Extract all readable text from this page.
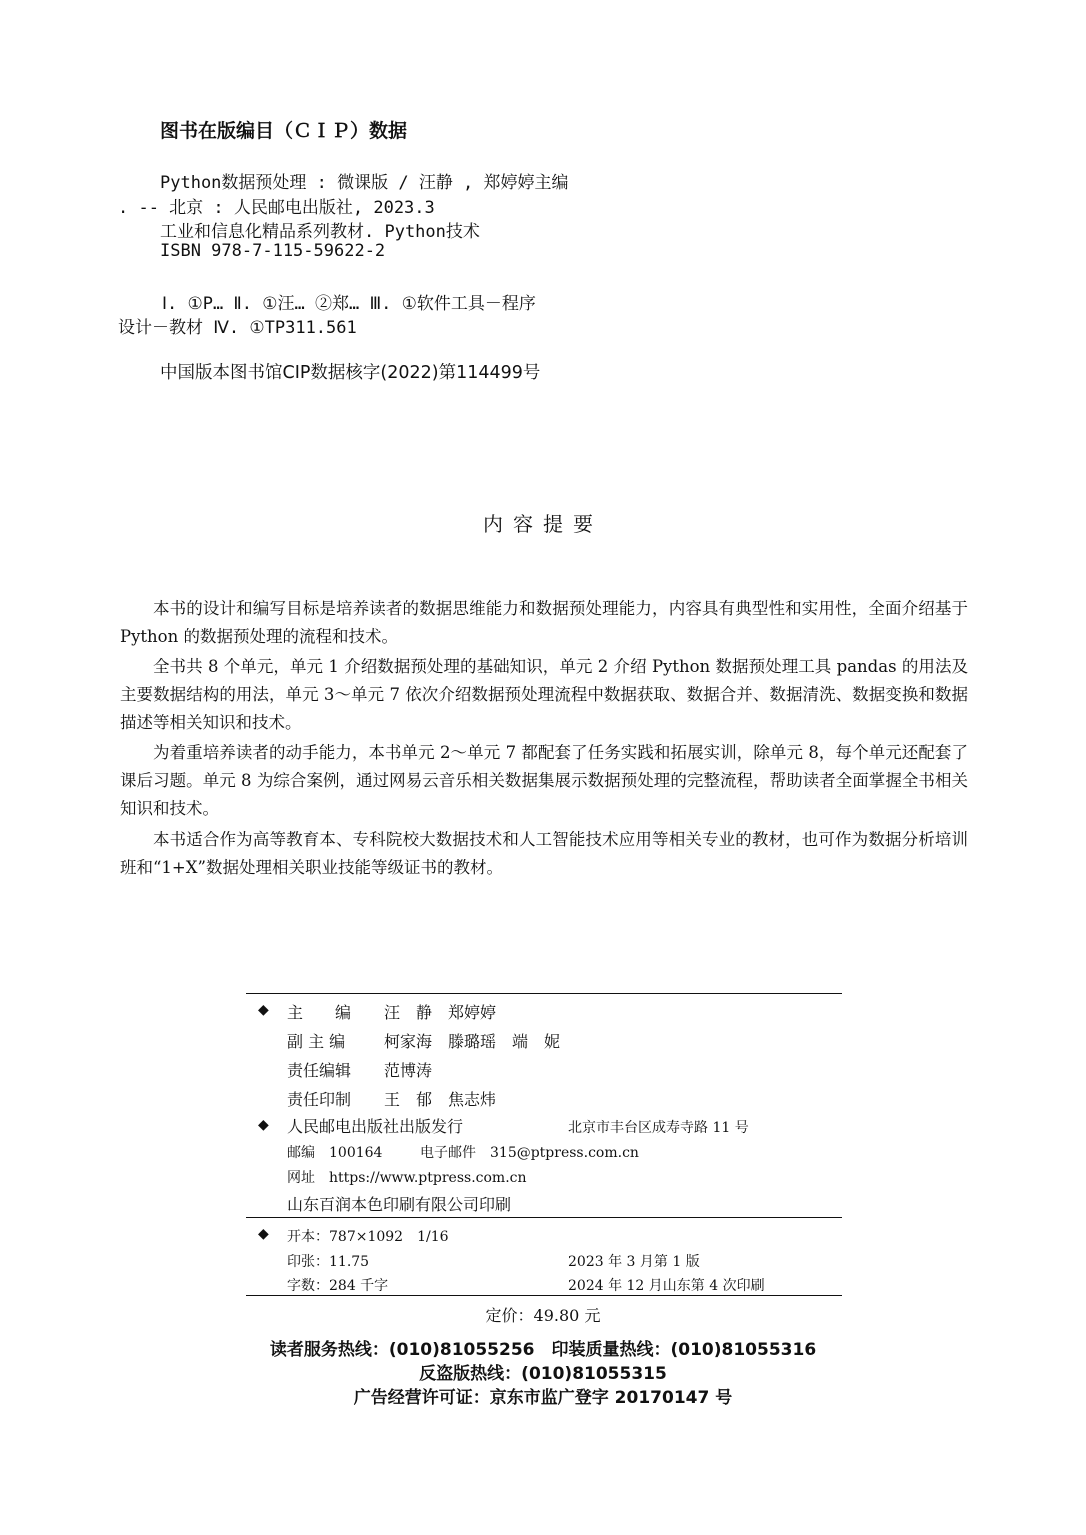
图书在版编目（ＣＩＰ）数据
Python数据预处理 : 微课版 / 汪静 , 郑婷婷主编
. -- 北京 : 人民邮电出版社, 2023.3
工业和信息化精品系列教材. Python技术
ISBN 978-7-115-59622-2
Ⅰ. ①P… Ⅱ. ①汪… ②郑… Ⅲ. ①软件工具－程序
设计－教材 Ⅳ. ①TP311.561
中国版本图书馆CIP数据核字(2022)第114499号
内容提要
本书的设计和编写目标是培养读者的数据思维能力和数据预处理能力，内容具有典型性和实用性，全面介绍基于 Python 的数据预处理的流程和技术。
全书共 8 个单元，单元 1 介绍数据预处理的基础知识，单元 2 介绍 Python 数据预处理工具 pandas 的用法及主要数据结构的用法，单元 3～单元 7 依次介绍数据预处理流程中数据获取、数据合并、数据清洗、数据变换和数据描述等相关知识和技术。
为着重培养读者的动手能力，本书单元 2～单元 7 都配套了任务实践和拓展实训，除单元 8，每个单元还配套了课后习题。单元 8 为综合案例，通过网易云音乐相关数据集展示数据预处理的完整流程，帮助读者全面掌握全书相关知识和技术。
本书适合作为高等教育本、专科院校大数据技术和人工智能技术应用等相关专业的教材，也可作为数据分析培训班和“1+X”数据处理相关职业技能等级证书的教材。
◆ 主　　编 汪　静　郑婷婷
副 主 编 柯家海　滕璐瑶　端　妮
责任编辑 范博涛
责任印制 王　郁　焦志炜
◆ 人民邮电出版社出版发行	北京市丰台区成寿寺路 11 号
邮编　100164	电子邮件　315@ptpress.com.cn
网址　https://www.ptpress.com.cn
山东百润本色印刷有限公司印刷
◆ 开本：787×1092　1/16
印张：11.75	2023 年 3 月第 1 版
字数：284 千字	2024 年 12 月山东第 4 次印刷
定价：49.80 元
读者服务热线：(010)81055256　印装质量热线：(010)81055316
反盗版热线：(010)81055315
广告经营许可证：京东市监广登字 20170147 号
